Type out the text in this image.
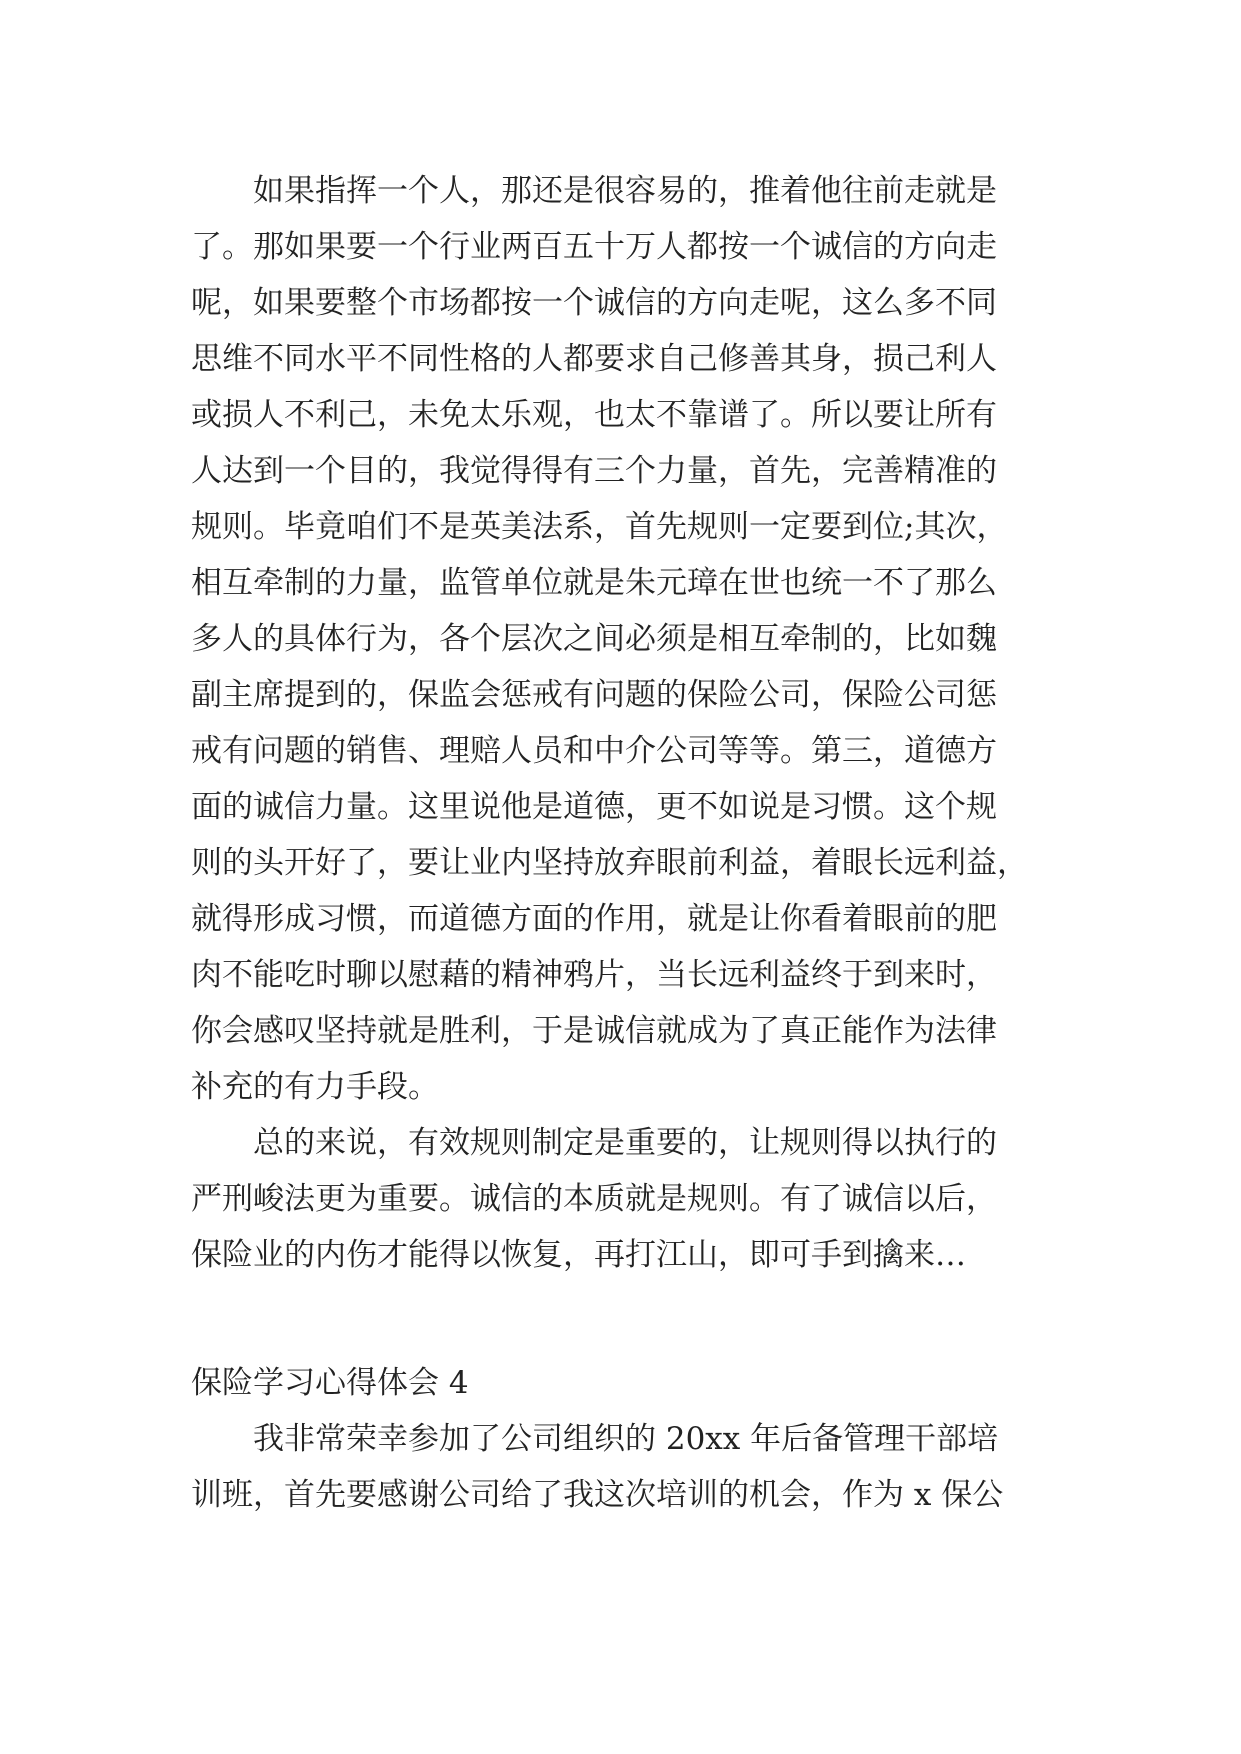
如果指挥一个人，那还是很容易的，推着他往前走就是
了。那如果要一个行业两百五十万人都按一个诚信的方向走
呢，如果要整个市场都按一个诚信的方向走呢，这么多不同
思维不同水平不同性格的人都要求自己修善其身，损己利人
或损人不利己，未免太乐观，也太不靠谱了。所以要让所有
人达到一个目的，我觉得得有三个力量，首先，完善精准的
规则。毕竟咱们不是英美法系，首先规则一定要到位;其次，
相互牵制的力量，监管单位就是朱元璋在世也统一不了那么
多人的具体行为，各个层次之间必须是相互牵制的，比如魏
副主席提到的，保监会惩戒有问题的保险公司，保险公司惩
戒有问题的销售、理赔人员和中介公司等等。第三，道德方
面的诚信力量。这里说他是道德，更不如说是习惯。这个规
则的头开好了，要让业内坚持放弃眼前利益，着眼长远利益，
就得形成习惯，而道德方面的作用，就是让你看着眼前的肥
肉不能吃时聊以慰藉的精神鸦片，当长远利益终于到来时，
你会感叹坚持就是胜利，于是诚信就成为了真正能作为法律
补充的有力手段。
总的来说，有效规则制定是重要的，让规则得以执行的
严刑峻法更为重要。诚信的本质就是规则。有了诚信以后，
保险业的内伤才能得以恢复，再打江山，即可手到擒来…
保险学习心得体会 4
我非常荣幸参加了公司组织的 20xx 年后备管理干部培
训班，首先要感谢公司给了我这次培训的机会，作为 x 保公
